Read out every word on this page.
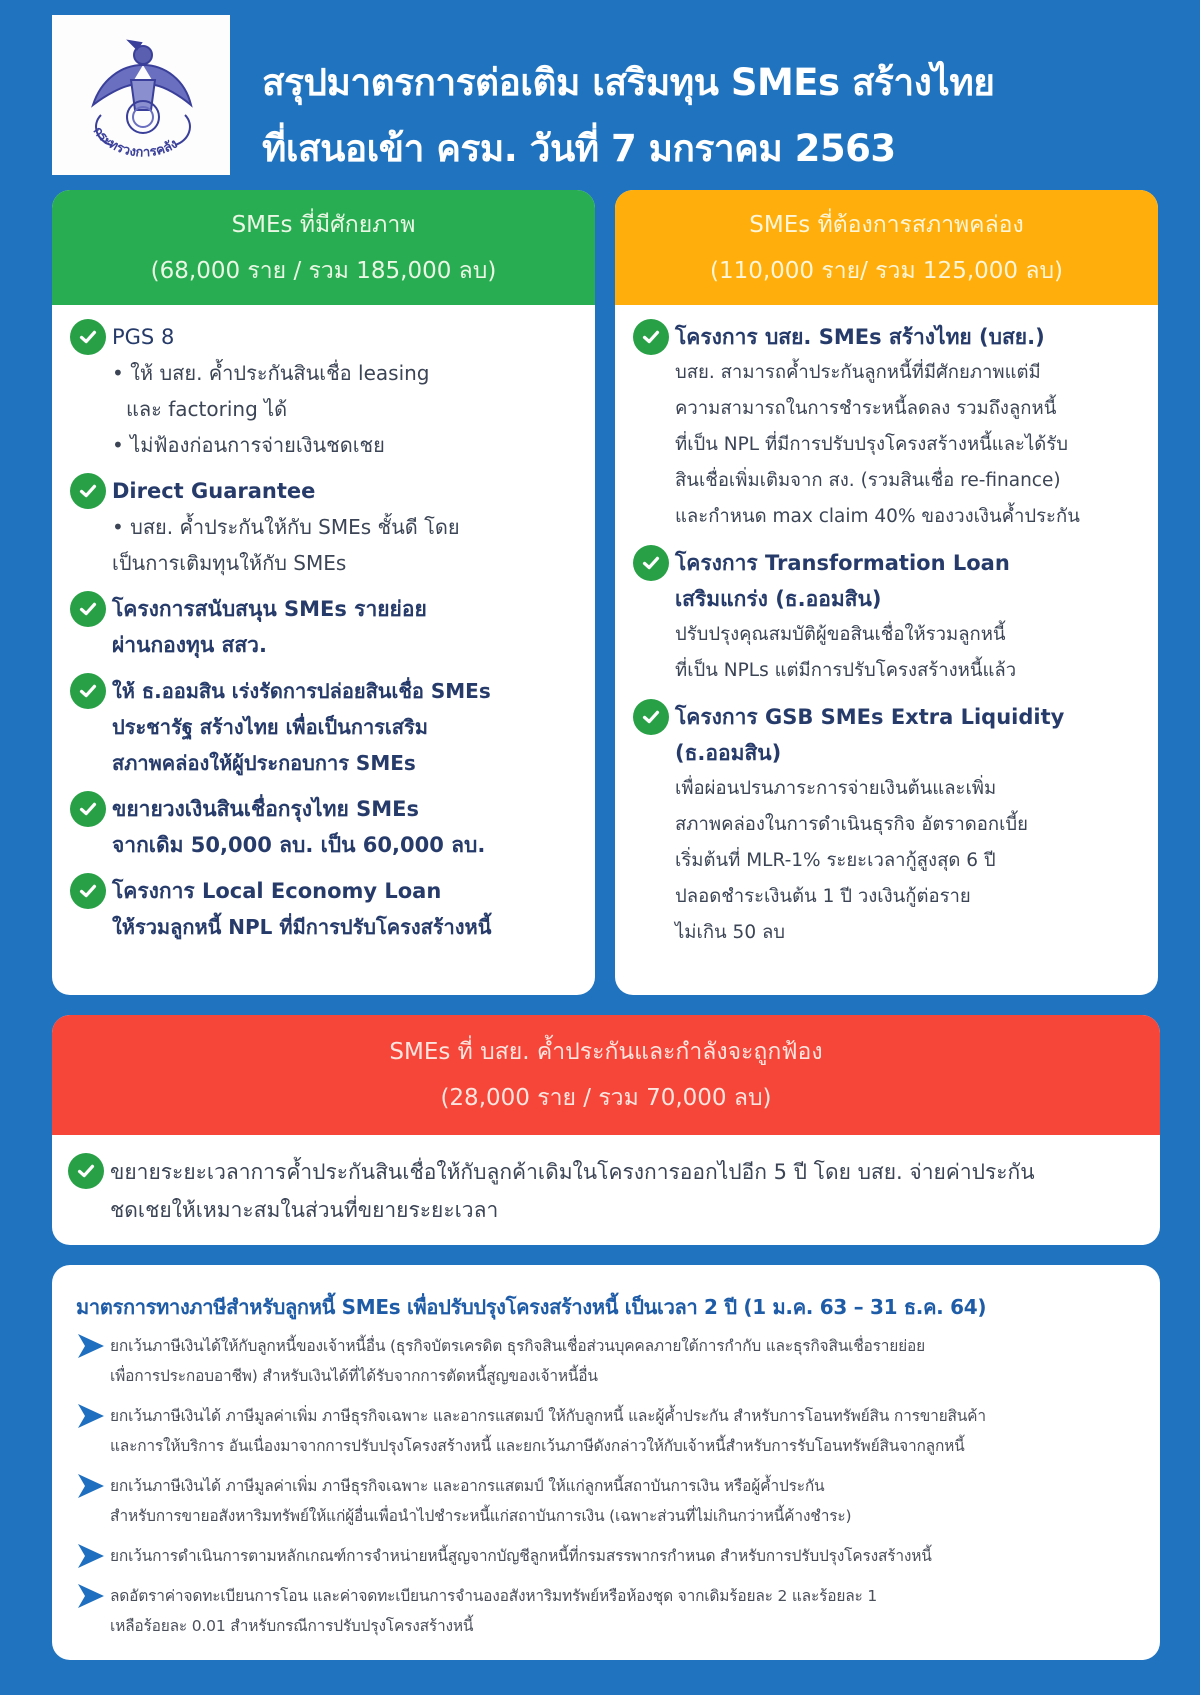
กระทรวงการคลัง
สรุปมาตรการต่อเติม เสริมทุน SMEs สร้างไทย
ที่เสนอเข้า ครม. วันที่ 7 มกราคม 2563
SMEs ที่มีศักยภาพ
(68,000 ราย / รวม 185,000 ลบ)
PGS 8
• ให้ บสย. ค้ำประกันสินเชื่อ leasing
และ factoring ได้
• ไม่ฟ้องก่อนการจ่ายเงินชดเชย
Direct Guarantee
• บสย. ค้ำประกันให้กับ SMEs ชั้นดี โดย
เป็นการเติมทุนให้กับ SMEs
โครงการสนับสนุน SMEs รายย่อย
ผ่านกองทุน สสว.
ให้ ธ.ออมสิน เร่งรัดการปล่อยสินเชื่อ SMEs
ประชารัฐ สร้างไทย เพื่อเป็นการเสริม
สภาพคล่องให้ผู้ประกอบการ SMEs
ขยายวงเงินสินเชื่อกรุงไทย SMEs
จากเดิม 50,000 ลบ. เป็น 60,000 ลบ.
โครงการ Local Economy Loan
ให้รวมลูกหนี้ NPL ที่มีการปรับโครงสร้างหนี้
SMEs ที่ต้องการสภาพคล่อง
(110,000 ราย/ รวม 125,000 ลบ)
โครงการ บสย. SMEs สร้างไทย (บสย.)
บสย. สามารถค้ำประกันลูกหนี้ที่มีศักยภาพแต่มี
ความสามารถในการชำระหนี้ลดลง รวมถึงลูกหนี้
ที่เป็น NPL ที่มีการปรับปรุงโครงสร้างหนี้และได้รับ
สินเชื่อเพิ่มเติมจาก สง. (รวมสินเชื่อ re-finance)
และกำหนด max claim 40% ของวงเงินค้ำประกัน
โครงการ Transformation Loan
เสริมแกร่ง (ธ.ออมสิน)
ปรับปรุงคุณสมบัติผู้ขอสินเชื่อให้รวมลูกหนี้
ที่เป็น NPLs แต่มีการปรับโครงสร้างหนี้แล้ว
โครงการ GSB SMEs Extra Liquidity
(ธ.ออมสิน)
เพื่อผ่อนปรนภาระการจ่ายเงินต้นและเพิ่ม
สภาพคล่องในการดำเนินธุรกิจ อัตราดอกเบี้ย
เริ่มต้นที่ MLR-1% ระยะเวลากู้สูงสุด 6 ปี
ปลอดชำระเงินต้น 1 ปี วงเงินกู้ต่อราย
ไม่เกิน 50 ลบ
SMEs ที่ บสย. ค้ำประกันและกำลังจะถูกฟ้อง
(28,000 ราย / รวม 70,000 ลบ)
ขยายระยะเวลาการค้ำประกันสินเชื่อให้กับลูกค้าเดิมในโครงการออกไปอีก 5 ปี โดย บสย. จ่ายค่าประกัน
ชดเชยให้เหมาะสมในส่วนที่ขยายระยะเวลา
มาตรการทางภาษีสำหรับลูกหนี้ SMEs เพื่อปรับปรุงโครงสร้างหนี้ เป็นเวลา 2 ปี (1 ม.ค. 63 – 31 ธ.ค. 64)
ยกเว้นภาษีเงินได้ให้กับลูกหนี้ของเจ้าหนี้อื่น (ธุรกิจบัตรเครดิต ธุรกิจสินเชื่อส่วนบุคคลภายใต้การกำกับ และธุรกิจสินเชื่อรายย่อย
เพื่อการประกอบอาชีพ) สำหรับเงินได้ที่ได้รับจากการตัดหนี้สูญของเจ้าหนี้อื่น
ยกเว้นภาษีเงินได้ ภาษีมูลค่าเพิ่ม ภาษีธุรกิจเฉพาะ และอากรแสตมป์ ให้กับลูกหนี้ และผู้ค้ำประกัน สำหรับการโอนทรัพย์สิน การขายสินค้า
และการให้บริการ อันเนื่องมาจากการปรับปรุงโครงสร้างหนี้ และยกเว้นภาษีดังกล่าวให้กับเจ้าหนี้สำหรับการรับโอนทรัพย์สินจากลูกหนี้
ยกเว้นภาษีเงินได้ ภาษีมูลค่าเพิ่ม ภาษีธุรกิจเฉพาะ และอากรแสตมป์ ให้แก่ลูกหนี้สถาบันการเงิน หรือผู้ค้ำประกัน
สำหรับการขายอสังหาริมทรัพย์ให้แก่ผู้อื่นเพื่อนำไปชำระหนี้แก่สถาบันการเงิน (เฉพาะส่วนที่ไม่เกินกว่าหนี้ค้างชำระ)
ยกเว้นการดำเนินการตามหลักเกณฑ์การจำหน่ายหนี้สูญจากบัญชีลูกหนี้ที่กรมสรรพากรกำหนด สำหรับการปรับปรุงโครงสร้างหนี้
ลดอัตราค่าจดทะเบียนการโอน และค่าจดทะเบียนการจำนองอสังหาริมทรัพย์หรือห้องชุด จากเดิมร้อยละ 2 และร้อยละ 1
เหลือร้อยละ 0.01 สำหรับกรณีการปรับปรุงโครงสร้างหนี้
